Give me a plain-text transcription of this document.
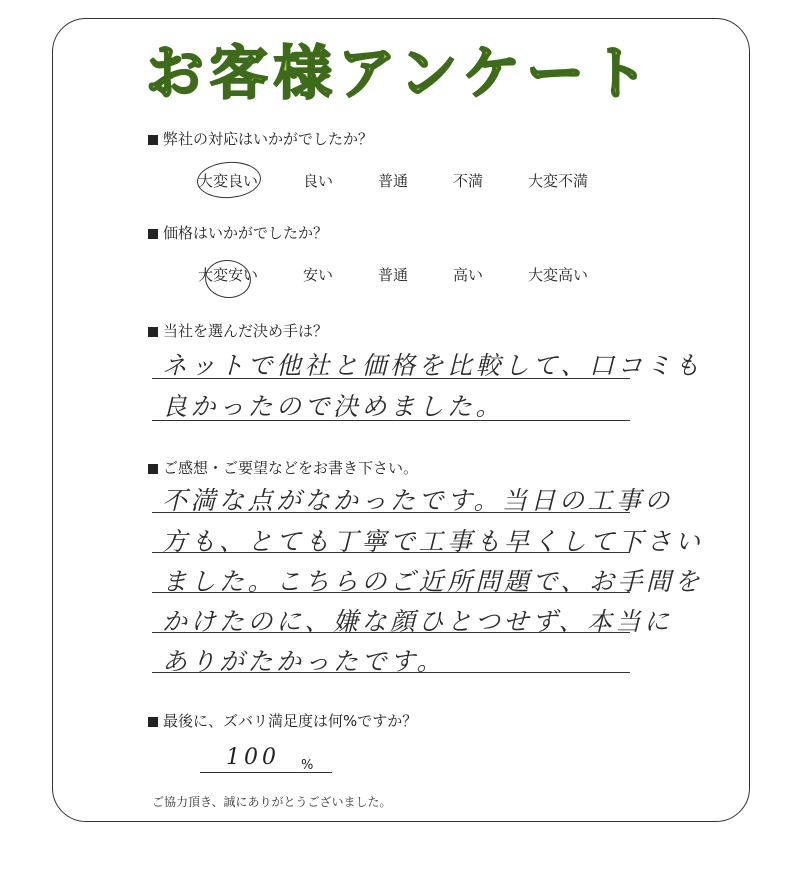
お客様アンケート
弊社の対応はいかがでしたか？
大変良い	良い	普通	不満	大変不満
価格はいかがでしたか？
大変安い	安い	普通	高い	大変高い
当社を選んだ決め手は？
ネットで他社と価格を比較して、口コミも
良かったので決めました。
ご感想・ご要望などをお書き下さい。
不満な点がなかったです。当日の工事の
方も、とても丁寧で工事も早くして下さい
ました。こちらのご近所問題で、お手間を
かけたのに、嫌な顔ひとつせず、本当に
ありがたかったです。
最後に、ズバリ満足度は何%ですか？
100 %
ご協力頂き、誠にありがとうございました。
